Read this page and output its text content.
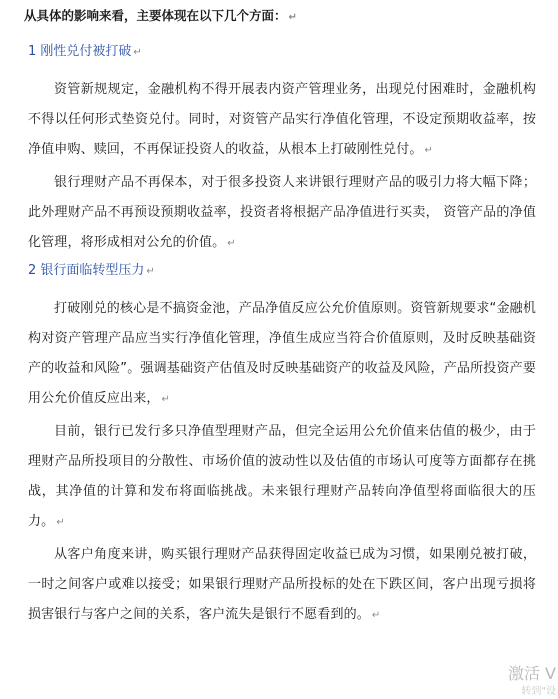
从具体的影响来看，主要体现在以下几个方面： ↵
1 刚性兑付被打破 ↵
资管新规规定，金融机构不得开展表内资产管理业务，出现兑付困难时，金融机构不得以任何形式垫资兑付。同时，对资管产品实行净值化管理，不设定预期收益率，按净值申购、赎回，不再保证投资人的收益，从根本上打破刚性兑付。 ↵
银行理财产品不再保本，对于很多投资人来讲银行理财产品的吸引力将大幅下降；此外理财产品不再预设预期收益率，投资者将根据产品净值进行买卖， 资管产品的净值化管理，将形成相对公允的价值。 ↵
2 银行面临转型压力 ↵
打破刚兑的核心是不搞资金池，产品净值反应公允价值原则。资管新规要求“金融机构对资产管理产品应当实行净值化管理，净值生成应当符合价值原则，及时反映基础资产的收益和风险”。强调基础资产估值及时反映基础资产的收益及风险，产品所投资产要用公允价值反应出来， ↵
目前，银行已发行多只净值型理财产品，但完全运用公允价值来估值的极少，由于理财产品所投项目的分散性、市场价值的波动性以及估值的市场认可度等方面都存在挑战，其净值的计算和发布将面临挑战。未来银行理财产品转向净值型将面临很大的压力。 ↵
从客户角度来讲，购买银行理财产品获得固定收益已成为习惯，如果刚兑被打破，一时之间客户或难以接受；如果银行理财产品所投标的处在下跌区间，客户出现亏损将损害银行与客户之间的关系，客户流失是银行不愿看到的。 ↵
激活 V
转到"设
